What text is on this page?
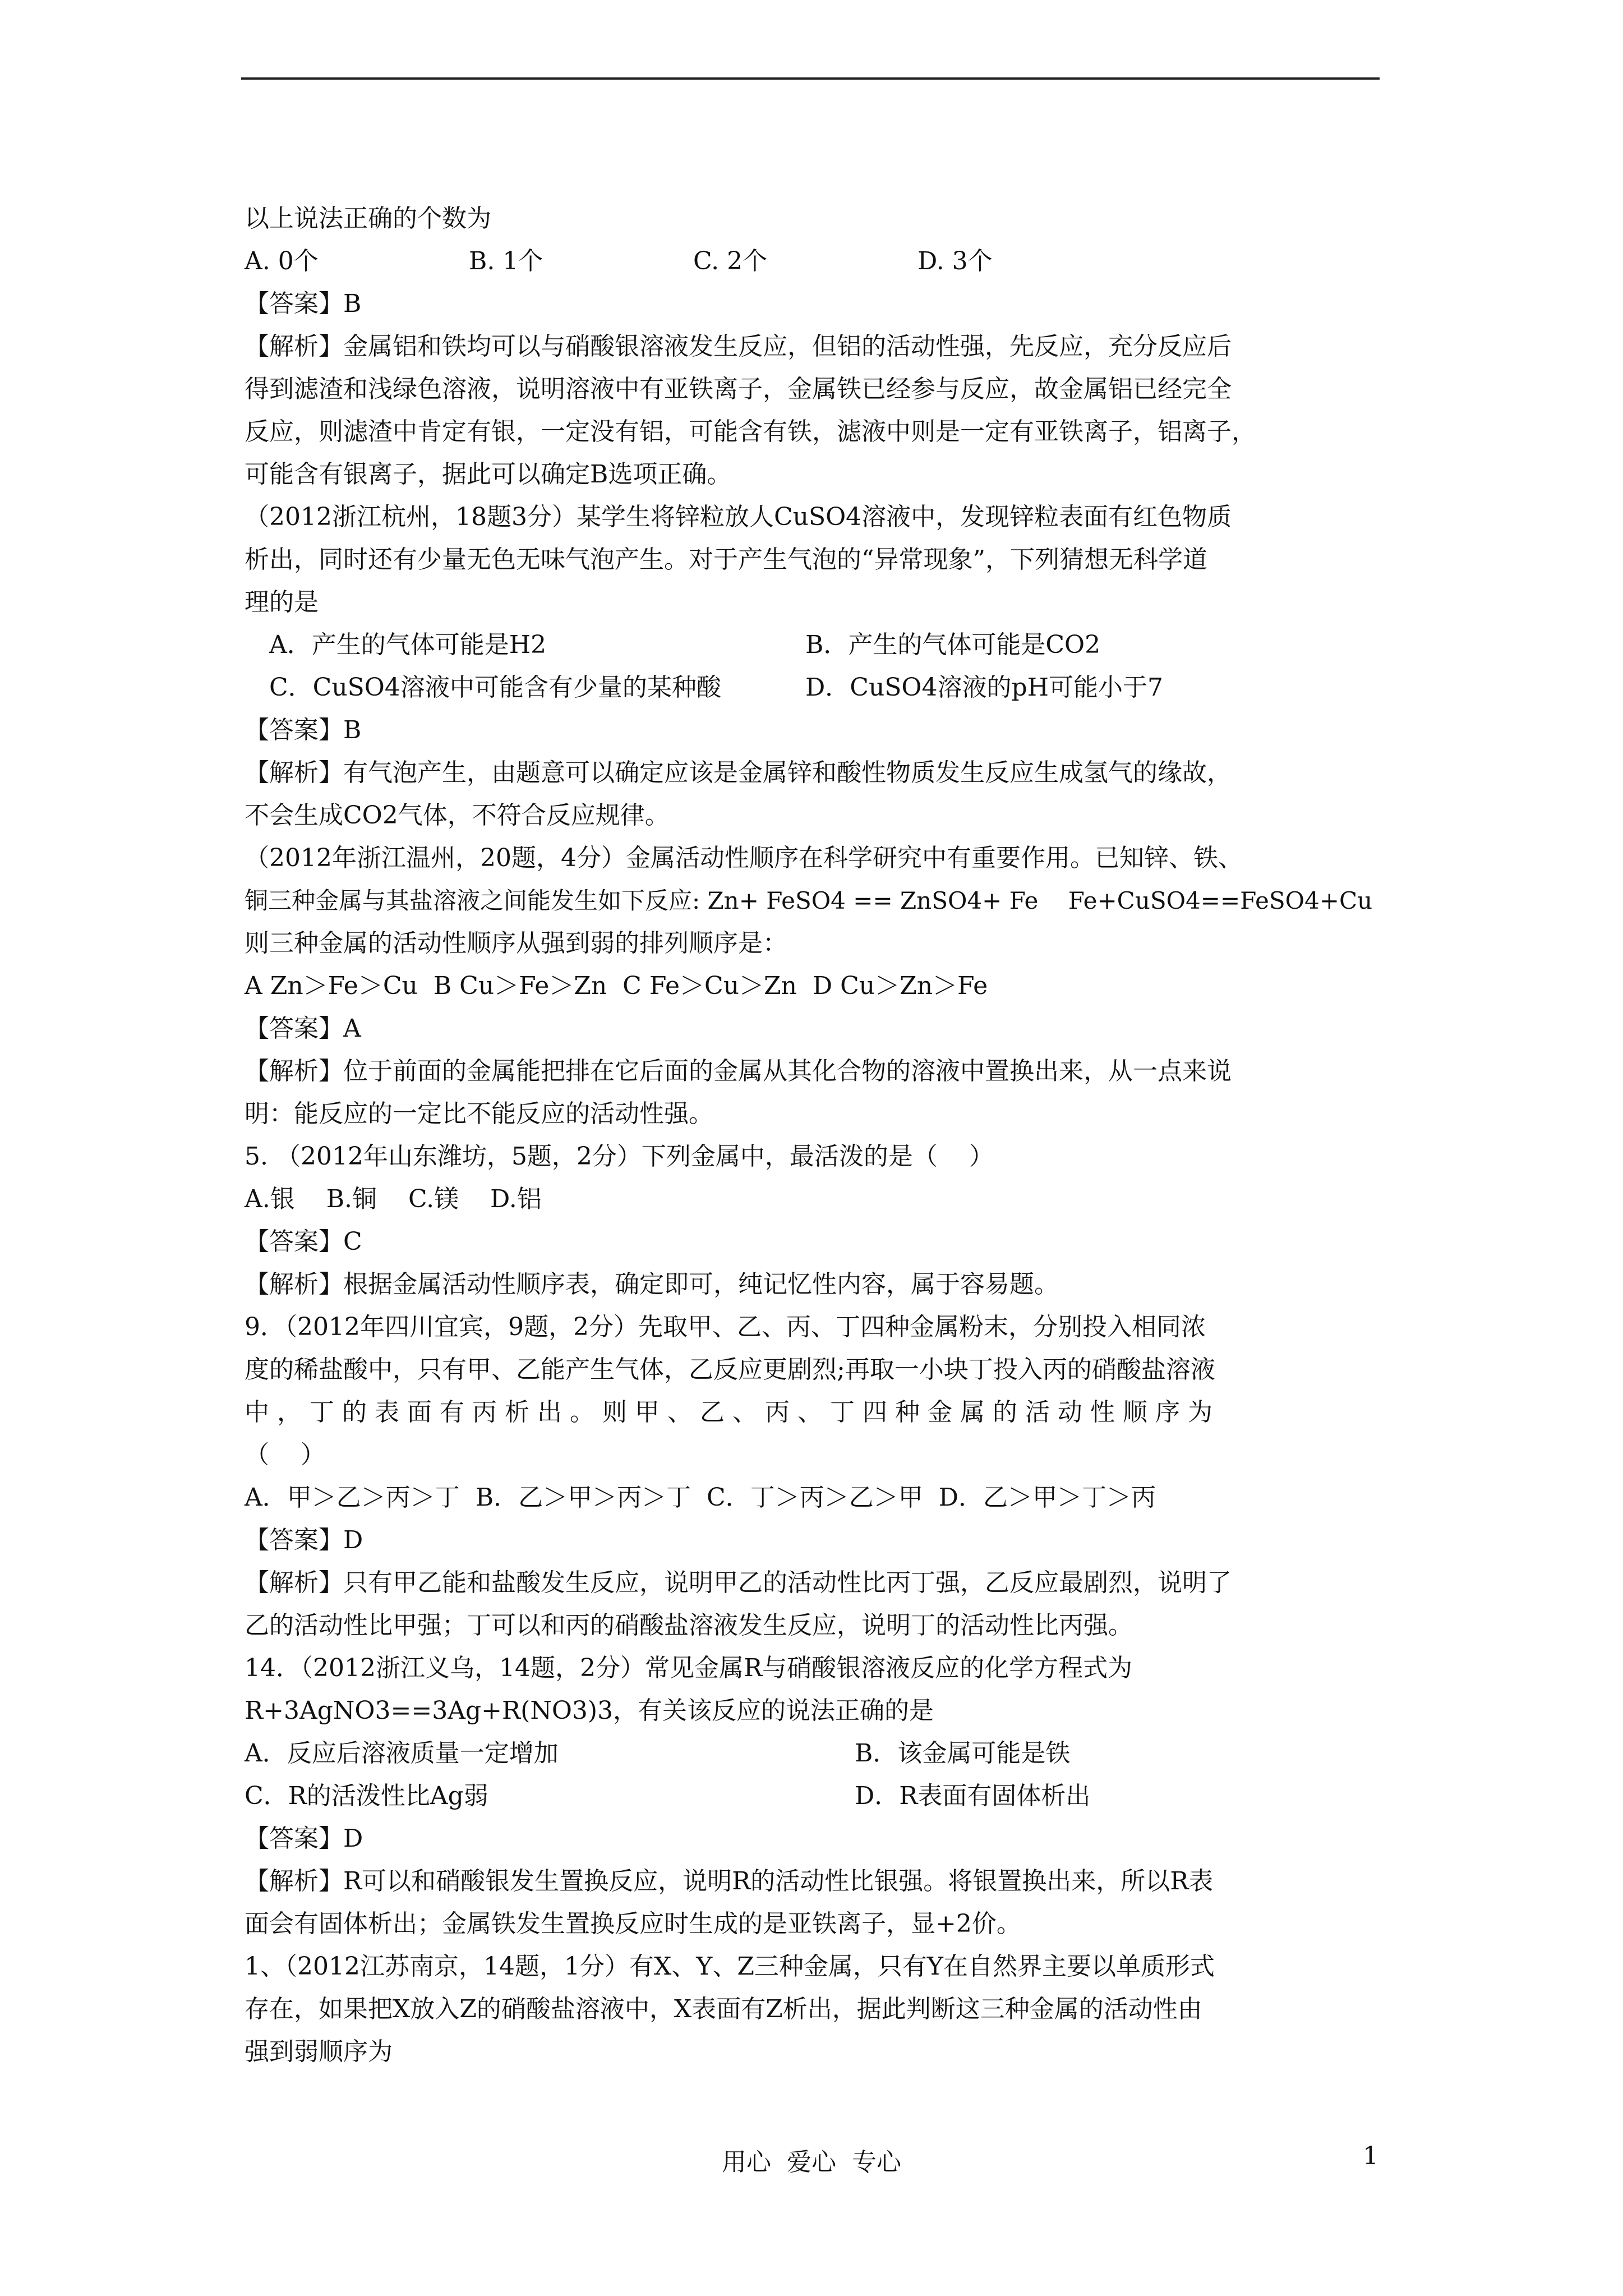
以上说法正确的个数为
A. 0个	B. 1个	C. 2个	D. 3个
【答案】B
【解析】金属铝和铁均可以与硝酸银溶液发生反应，但铝的活动性强，先反应，充分反应后
得到滤渣和浅绿色溶液，说明溶液中有亚铁离子，金属铁已经参与反应，故金属铝已经完全
反应，则滤渣中肯定有银，一定没有铝，可能含有铁，滤液中则是一定有亚铁离子，铝离子，
可能含有银离子，据此可以确定B选项正确。
（2012浙江杭州，18题3分）某学生将锌粒放人CuSO4溶液中，发现锌粒表面有红色物质
析出，同时还有少量无色无味气泡产生。对于产生气泡的“异常现象”，下列猜想无科学道
理的是
A．产生的气体可能是H2	B．产生的气体可能是CO2
C．CuSO4溶液中可能含有少量的某种酸	D．CuSO4溶液的pH可能小于7
【答案】B
【解析】有气泡产生，由题意可以确定应该是金属锌和酸性物质发生反应生成氢气的缘故，
不会生成CO2气体，不符合反应规律。
（2012年浙江温州，20题，4分）金属活动性顺序在科学研究中有重要作用。已知锌、铁、
铜三种金属与其盐溶液之间能发生如下反应: Zn+ FeSO4 == ZnSO4+ Fe    Fe+CuSO4==FeSO4+Cu
则三种金属的活动性顺序从强到弱的排列顺序是：
A Zn＞Fe＞Cu  B Cu＞Fe＞Zn  C Fe＞Cu＞Zn  D Cu＞Zn＞Fe
【答案】A
【解析】位于前面的金属能把排在它后面的金属从其化合物的溶液中置换出来，从一点来说
明：能反应的一定比不能反应的活动性强。
5. （2012年山东潍坊，5题，2分）下列金属中，最活泼的是（    ）
A.银    B.铜    C.镁    D.铝
【答案】C
【解析】根据金属活动性顺序表，确定即可，纯记忆性内容，属于容易题。
9．（2012年四川宜宾，9题，2分）先取甲、乙、丙、丁四种金属粉末，分别投入相同浓
度的稀盐酸中，只有甲、乙能产生气体，乙反应更剧烈;再取一小块丁投入丙的硝酸盐溶液
中，丁的表面有丙析出。则甲、乙、丙、丁四种金属的活动性顺序为
（    ）
A．甲＞乙＞丙＞丁  B．乙＞甲＞丙＞丁  C．丁＞丙＞乙＞甲  D．乙＞甲＞丁＞丙
【答案】D
【解析】只有甲乙能和盐酸发生反应，说明甲乙的活动性比丙丁强，乙反应最剧烈，说明了
乙的活动性比甲强；丁可以和丙的硝酸盐溶液发生反应，说明丁的活动性比丙强。
14．（2012浙江义乌，14题，2分）常见金属R与硝酸银溶液反应的化学方程式为
R+3AgNO3==3Ag+R(NO3)3，有关该反应的说法正确的是
A．反应后溶液质量一定增加	B．该金属可能是铁
C．R的活泼性比Ag弱	D．R表面有固体析出
【答案】D
【解析】R可以和硝酸银发生置换反应，说明R的活动性比银强。将银置换出来，所以R表
面会有固体析出；金属铁发生置换反应时生成的是亚铁离子，显+2价。
1、（2012江苏南京，14题，1分）有X、Y、Z三种金属，只有Y在自然界主要以单质形式
存在，如果把X放入Z的硝酸盐溶液中，X表面有Z析出，据此判断这三种金属的活动性由
强到弱顺序为
用心  爱心  专心	1
